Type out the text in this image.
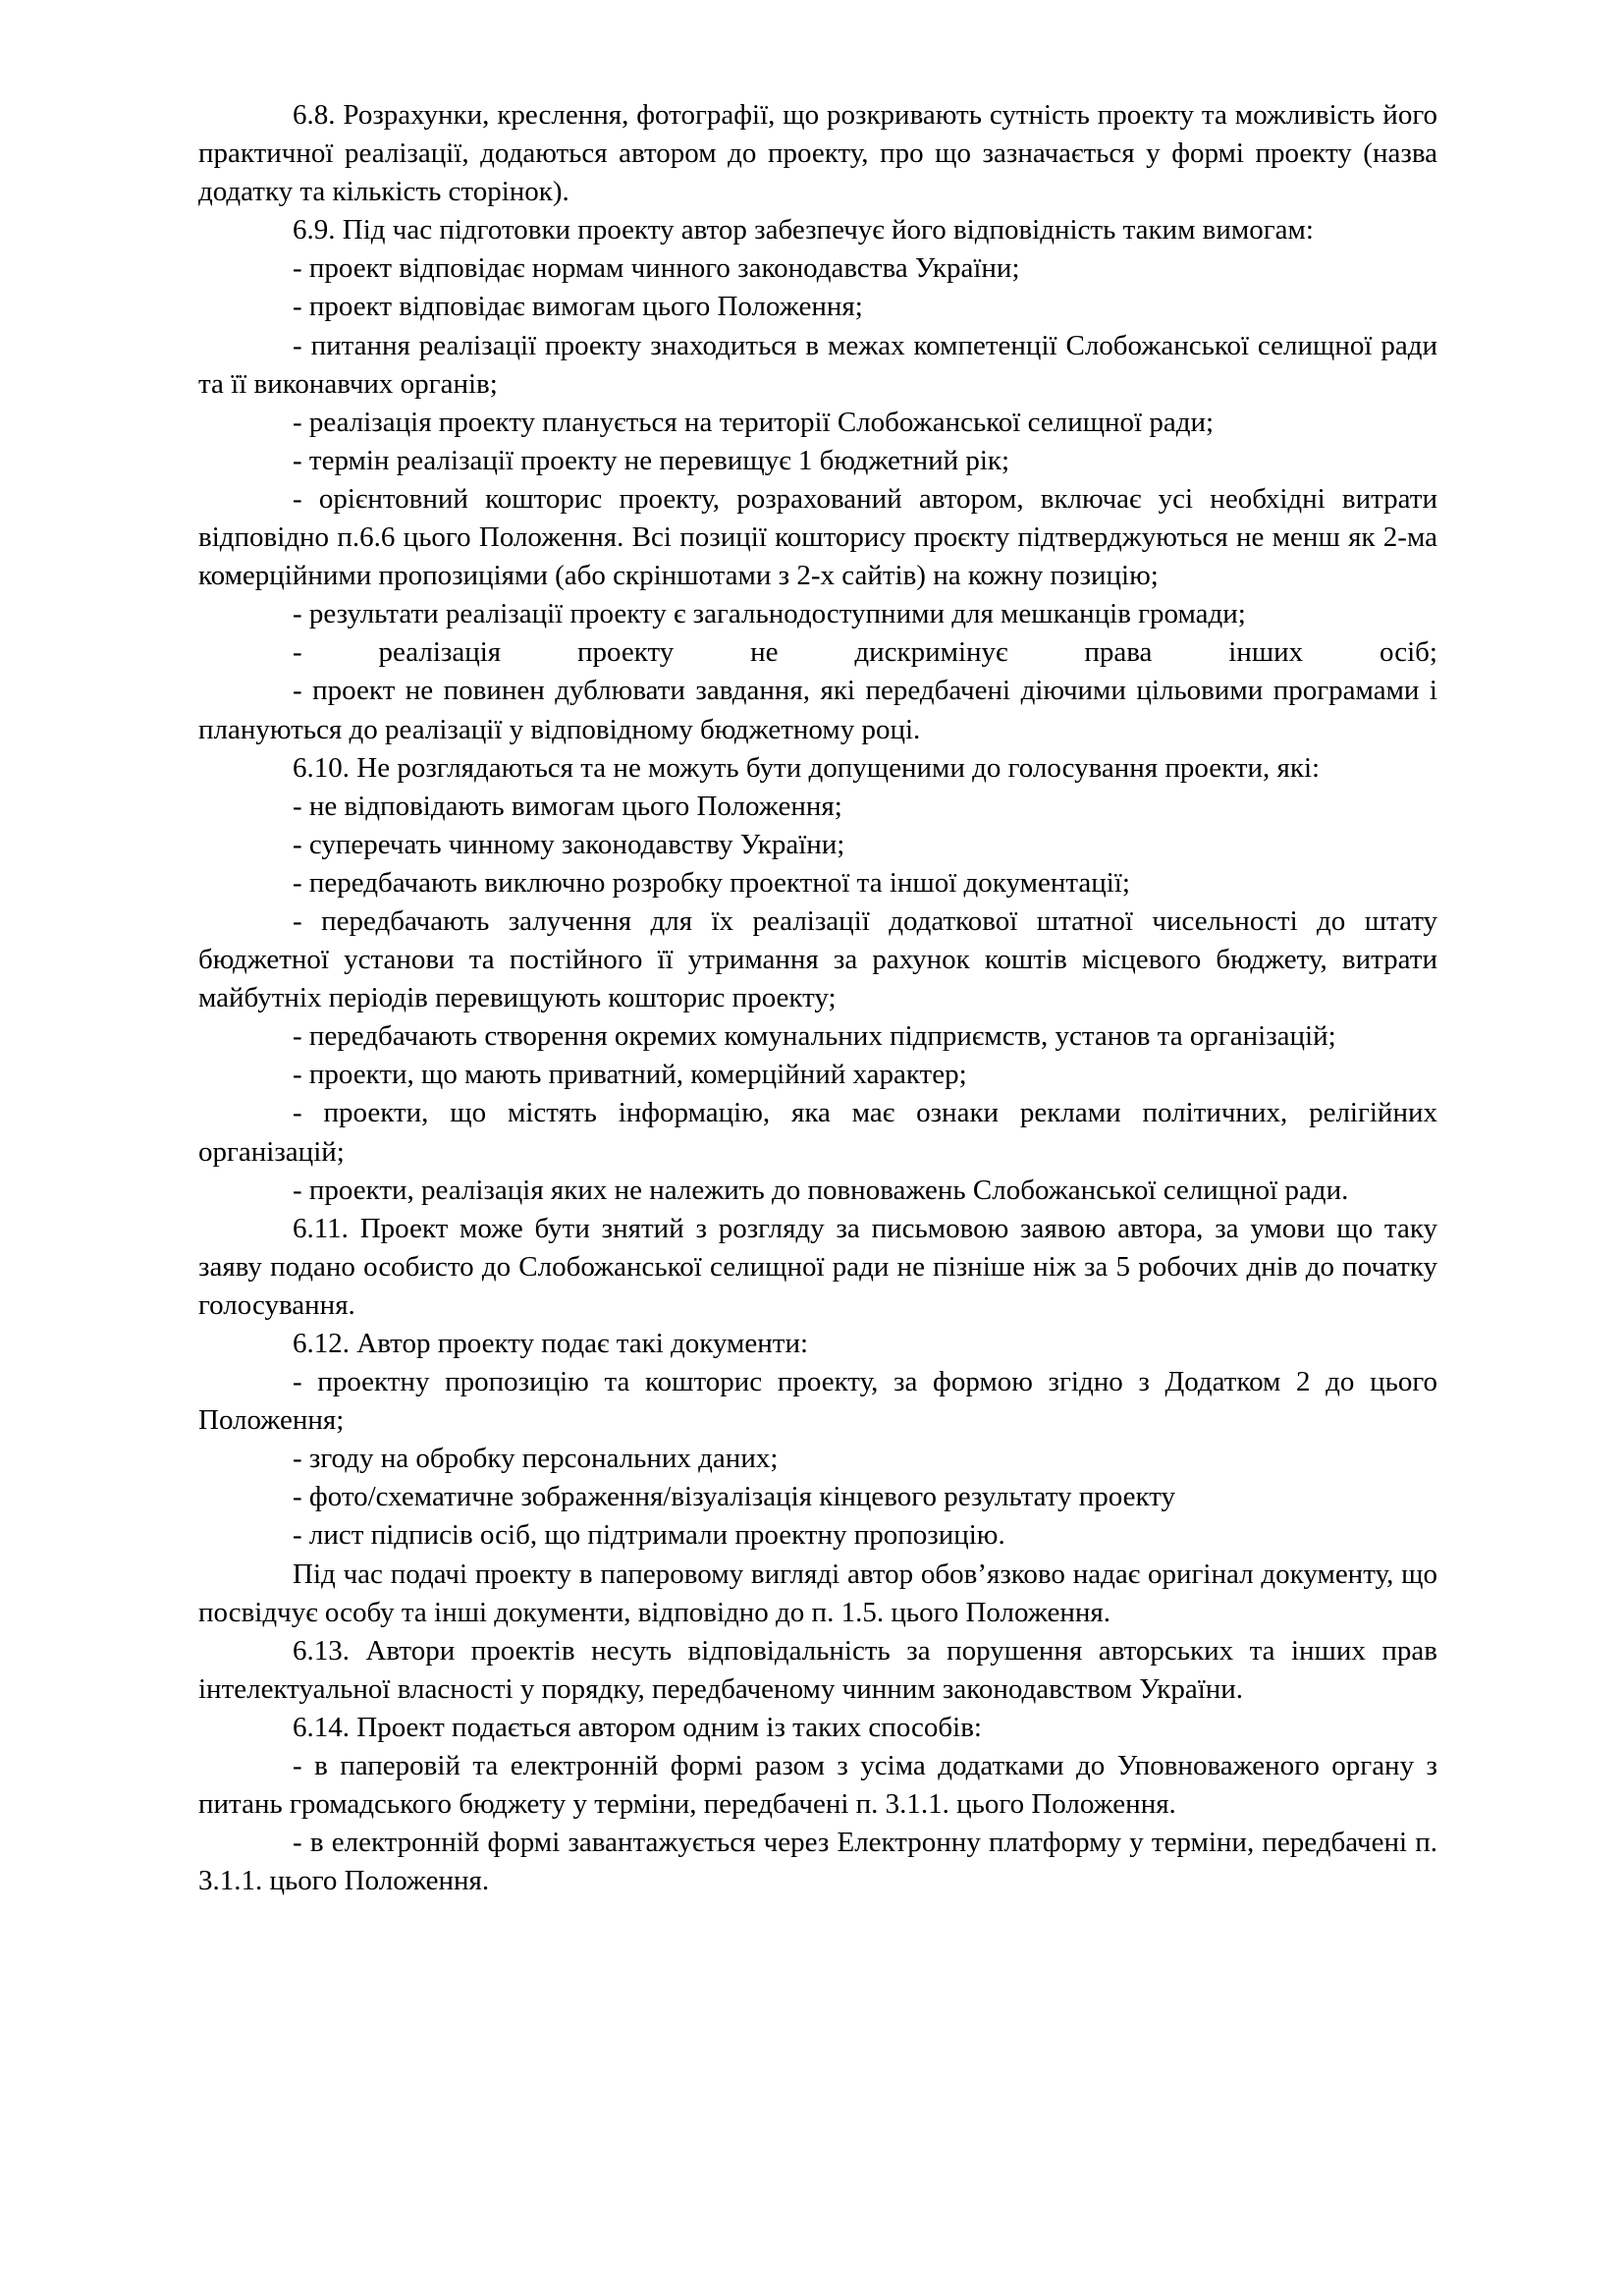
6.8. Розрахунки, креслення, фотографії, що розкривають сутність проекту та можливість його практичної реалізації, додаються автором до проекту, про що зазначається у формі проекту (назва додатку та кількість сторінок).

6.9. Під час підготовки проекту автор забезпечує його відповідність таким вимогам:

- проект відповідає нормам чинного законодавства України;

- проект відповідає вимогам цього Положення;

- питання реалізації проекту знаходиться в межах компетенції Слобожанської селищної ради та її виконавчих органів;

- реалізація проекту планується на території Слобожанської селищної ради;

- термін реалізації проекту не перевищує 1 бюджетний рік;

- орієнтовний кошторис проекту, розрахований автором, включає усі необхідні витрати відповідно п.6.6 цього Положення. Всі позиції кошторису проєкту підтверджуються не менш як 2-ма комерційними пропозиціями (або скріншотами з 2-х сайтів) на кожну позицію;

- результати реалізації проекту є загальнодоступними для мешканців громади;

- реалізація проекту не дискримінує права інших осіб;

- проект не повинен дублювати завдання, які передбачені діючими цільовими програмами і плануються до реалізації у відповідному бюджетному році.

6.10. Не розглядаються та не можуть бути допущеними до голосування проекти, які:

- не відповідають вимогам цього Положення;

- суперечать чинному законодавству України;

- передбачають виключно розробку проектної та іншої документації;

- передбачають залучення для їх реалізації додаткової штатної чисельності до штату бюджетної установи та постійного її утримання за рахунок коштів місцевого бюджету, витрати майбутніх періодів перевищують кошторис проекту;

- передбачають створення окремих комунальних підприємств, установ та організацій;

- проекти, що мають приватний, комерційний характер;

- проекти, що містять інформацію, яка має ознаки реклами політичних, релігійних організацій;

- проекти, реалізація яких не належить до повноважень Слобожанської селищної ради.

6.11. Проект може бути знятий з розгляду за письмовою заявою автора, за умови що таку заяву подано особисто до Слобожанської селищної ради не пізніше ніж за 5 робочих днів до початку голосування.

6.12. Автор проекту подає такі документи:

- проектну пропозицію та кошторис проекту, за формою згідно з Додатком 2 до цього Положення;

- згоду на обробку персональних даних;

- фото/схематичне зображення/візуалізація кінцевого результату проекту

- лист підписів осіб, що підтримали проектну пропозицію.

Під час подачі проекту в паперовому вигляді автор обов’язково надає оригінал документу, що посвідчує особу та інші документи, відповідно до п. 1.5. цього Положення.

6.13. Автори проектів несуть відповідальність за порушення авторських та інших прав інтелектуальної власності у порядку, передбаченому чинним законодавством України.

6.14. Проект подається автором одним із таких способів:

- в паперовій та електронній формі разом з усіма додатками до Уповноваженого органу з питань громадського бюджету у терміни, передбачені п. 3.1.1. цього Положення.

- в електронній формі завантажується через Електронну платформу у терміни, передбачені п. 3.1.1. цього Положення.
